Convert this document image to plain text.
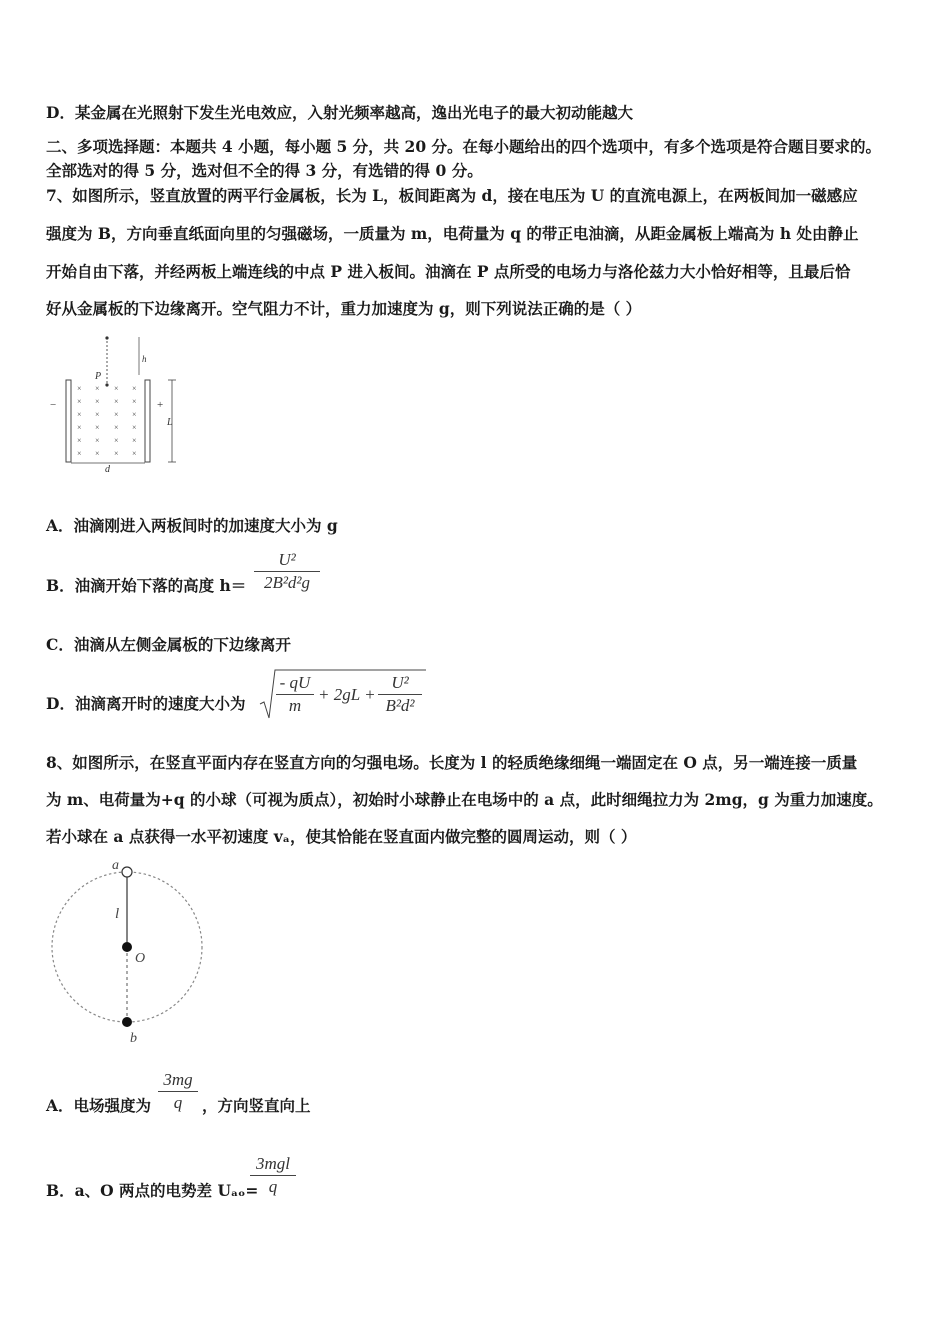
D．某金属在光照射下发生光电效应，入射光频率越高，逸出光电子的最大初动能越大
二、多项选择题：本题共 4 小题，每小题 5 分，共 20 分。在每小题给出的四个选项中，有多个选项是符合题目要求的。
全部选对的得 5 分，选对但不全的得 3 分，有选错的得 0 分。
7、如图所示，竖直放置的两平行金属板，长为 L，板间距离为 d，接在电压为 U 的直流电源上，在两板间加一磁感应
强度为 B，方向垂直纸面向里的匀强磁场，一质量为 m，电荷量为 q 的带正电油滴，从距金属板上端高为 h 处由静止
开始自由下落，并经两板上端连线的中点 P 进入板间。油滴在 P 点所受的电场力与洛伦兹力大小恰好相等，且最后恰
好从金属板的下边缘离开。空气阻力不计，重力加速度为 g，则下列说法正确的是（ ）
h
P
−	+
× × × ×
× × × ×
× × × ×
× × × ×
× × × ×
× × × ×
L
d
A．油滴刚进入两板间时的加速度大小为 g
B．油滴开始下落的高度 h＝
U²
2B²d²g
C．油滴从左侧金属板的下边缘离开
D．油滴离开时的速度大小为
- qU
m
+ 2gL +
U²
B²d²
8、如图所示，在竖直平面内存在竖直方向的匀强电场。长度为 l 的轻质绝缘细绳一端固定在 O 点，另一端连接一质量
为 m、电荷量为+q 的小球（可视为质点），初始时小球静止在电场中的 a 点，此时细绳拉力为 2mg，g 为重力加速度。
若小球在 a 点获得一水平初速度 vₐ，使其恰能在竖直面内做完整的圆周运动，则（ ）
a
l
O
b
A．电场强度为
3mg
q	，方向竖直向上
B．a、O 两点的电势差 Uₐₒ=
3mgl
q
